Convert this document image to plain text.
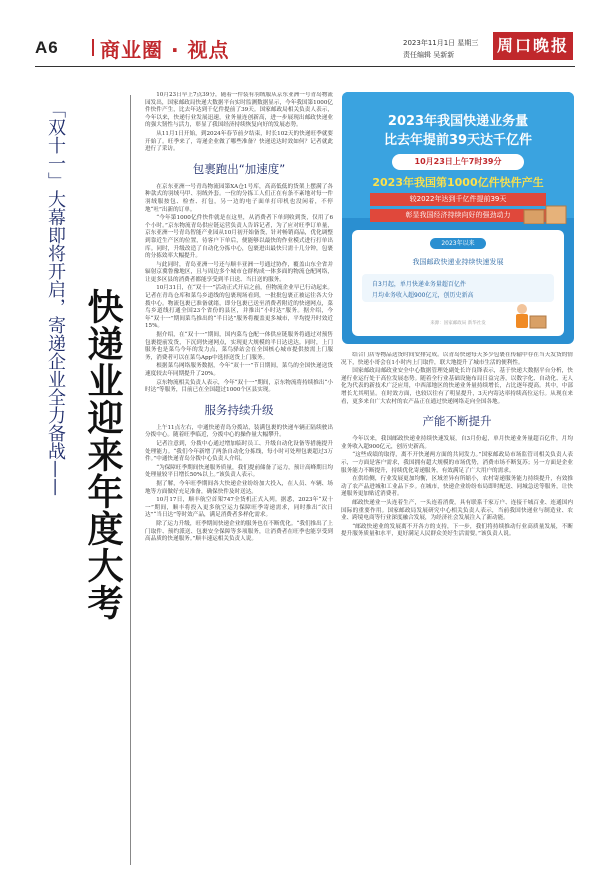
A6 商业圈 · 视点	2023年11月1日 星期三
责任编辑 吴新新	周口晚报
「双十一」大幕即将开启，寄递企业全力备战—— 快递业迎来年度大考

10月23日早上7点39分，随着一件装有羽绒服从京东亚洲一号青岛物流园发出，国家邮政局快递大数据平台实时监测数据显示，今年我国第1000亿件快件产生，比去年达到千亿件提前了39天。国家邮政局相关负责人表示，今年以来，快递行业发展迅速，业务量连创新高，进一步展现出邮政快递业的强大韧性与活力，彰显了我国经济持续恢复向好的发展态势。

从11月1日开始，到2024年春节前夕结束，时长102天的快递旺季就要开始了。旺季来了，寄递企业做了哪些准备？快递送达时效如何？记者就此进行了采访。

包裹跑出“加速度”

在京东亚洲一号青岛物流园第XA仓1号库，高高低低的货架上摆满了各种款式的羽绒马甲、羽绒外套。一位的分拣工人们正在有条不紊地对每一件羽绒服按包、检查、打包，另一边的电子面单打印机也没闲着，不停地“吐”出新的订单。

“今年第1000亿件快件就是在这里，从消费者下单到收到货，仅用了6个小时。”京东物流青岛供应链运营负责人告诉记者，为了应对旺季订单量，京东亚洲一号青岛智能产业园从10月初开始备货，针对畅销商品，优化调整到靠近生产区的位置，待客户下单后，便能够以最快的作业模式进行打单出库。同时，升级改造了自动化分拣中心，包裹进出最快只需十几分钟，包裹的分拣效率大幅提升。

与此同时，青岛亚洲一号还与顺丰亚洲一号通过协作，覆盖山东全省并辐射京冀鲁豫地区，且与周边多个城市仓群构成一体多面的物流仓配网络，让更多区县的消费者都能享受到半日送、当日送的服务。

10月31日，在“双十一”活动正式开启之前，但物流企业早已行动起来。记者在青岛仓库和菜鸟乡道线的包裹现场看到，一批批包裹正被运往各大分拨中心。物流包裹已准备就绪，即分包裹已送至消费者附近的快递网点，菜鸟乡道线打通全国23个省份的县区，并推出“小时达”服务。据介绍，今年“双十一”期间菜鸟推出的“半日达”服务将覆盖更多城市，平均提升时效近15%。

据介绍，在“双十一”期间，国内菜鸟仓配一体供应链服务将通过对预售包裹提前发货，下沉到快递网点，实现更大规模的半日达送达。同时，上门服务也是菜鸟今年的发力点，菜鸟驿站会在全国核心城市提供按需上门服务，消费者可以在菜鸟App中选择送货上门服务。

根据菜鸟网络服务数据，今年“双十一”节日期间，菜鸟的全国快递送货速度较去年同期提升了20%。

京东物流相关负责人表示，今年“双十一”期间，京东物流将持续推出“小时达”等服务，目前已在全国超过1000个区县实现。

服务持续升级

上午11点左右，中通快递青岛分拨站，装满包裹的快递车辆正陆续驶出分拨中心。随着旺季临近，分拨中心的操作量大幅攀升。

记者注意到，分拨中心通过增加临时员工、升级自动化设备等措施提升处理能力。“我们今年新增了两条自动化分拣线，每小时可处理包裹超过3万件。”中通快递青岛分拨中心负责人介绍。

“为保障旺季期间快递服务质量，我们提前储备了运力，预计高峰期日均处理量较平日增长50%以上。”该负责人表示。

据了解，今年旺季期间各大快递企业纷纷加大投入，在人员、车辆、场地等方面做好充足准备，确保快件及时送达。

10月17日，顺丰航空首架747全货机正式入列。据悉，2023年“双十一”期间，顺丰将投入更多航空运力保障旺季寄递需求，同时推出“次日达”“当日达”等时效产品，满足消费者多样化需求。

除了运力升级，旺季期间快递企业的服务也在不断优化。“我们推出了上门取件、预约派送、包裹安全保障等多项服务，让消费者在旺季也能享受到高品质的快递服务。”顺丰速运相关负责人说。

2023年我国快递业务量
比去年提前39天达千亿件
10月23日上午7时39分
2023年我国第1000亿件快件产生
较2022年达到千亿件提前39天
彰显我国经济持续向好的强劲动力
2023年以来
我国邮政快递业持续快速发展
自3月起，单月快递业务量超百亿件
月均业务收入超900亿元，创历史新高
来源：国家邮政局 新华社发

结合门店等物品送货时间安排完成。以青岛快递每天多少包裹在传输中存在当天发货的情况下，快递小哥会在1小时内上门取件，联大地提升了城市生活的便利性。

国家邮政局邮政业安全中心数据管理处副处长许良锋表示，基于快递大数据平台分析，快递行业运行处于高位发展态势。随着全行业基础设施布局日益完善，以数字化、自动化、无人化为代表的新技术广泛应用，中西部地区的快递业务量持续增长，占比逐年提高。其中，中部增长尤其明显。在时效方面，也较以往有了明显提升，3天内寄达率持续高位运行。从现在来看，更多来自广大农村的农产品正在通过快递网络走向全国各地。

产能不断提升

今年以来，我国邮政快递业持续快速发展，自3月份起，单月快递业务量超百亿件，月均业务收入超900亿元，创历史新高。

“这些成绩的取得，离不开快递两方面的共同发力。”国家邮政局市场监管司相关负责人表示，一方面是客户需求，我国拥有超大规模的市场优势，消费市场不断复苏；另一方面是企业服务能力不断提升，持续优化寄递服务，有效满足了广大用户的需求。

在供给侧，行业发展更加均衡，区域差异有所缩小，农村寄递服务能力持续提升，有效推动了农产品进城和工业品下乡。在城市，快递企业纷纷布局即时配送、同城急送等服务，让快递服务更加贴近消费者。

邮政快递业一头连着生产，一头连着消费，具有联系千家万户、连接千城百业、连通国内国际的重要作用。国家邮政局发展研究中心相关负责人表示，当前我国快递业与制造业、农业、跨境电商等行业深度融合发展，为经济社会发展注入了新动能。

“邮政快递业的发展离不开各方的支持，下一步，我们将持续推动行业高质量发展，不断提升服务质量和水平，更好满足人民群众美好生活需要。”该负责人说。
